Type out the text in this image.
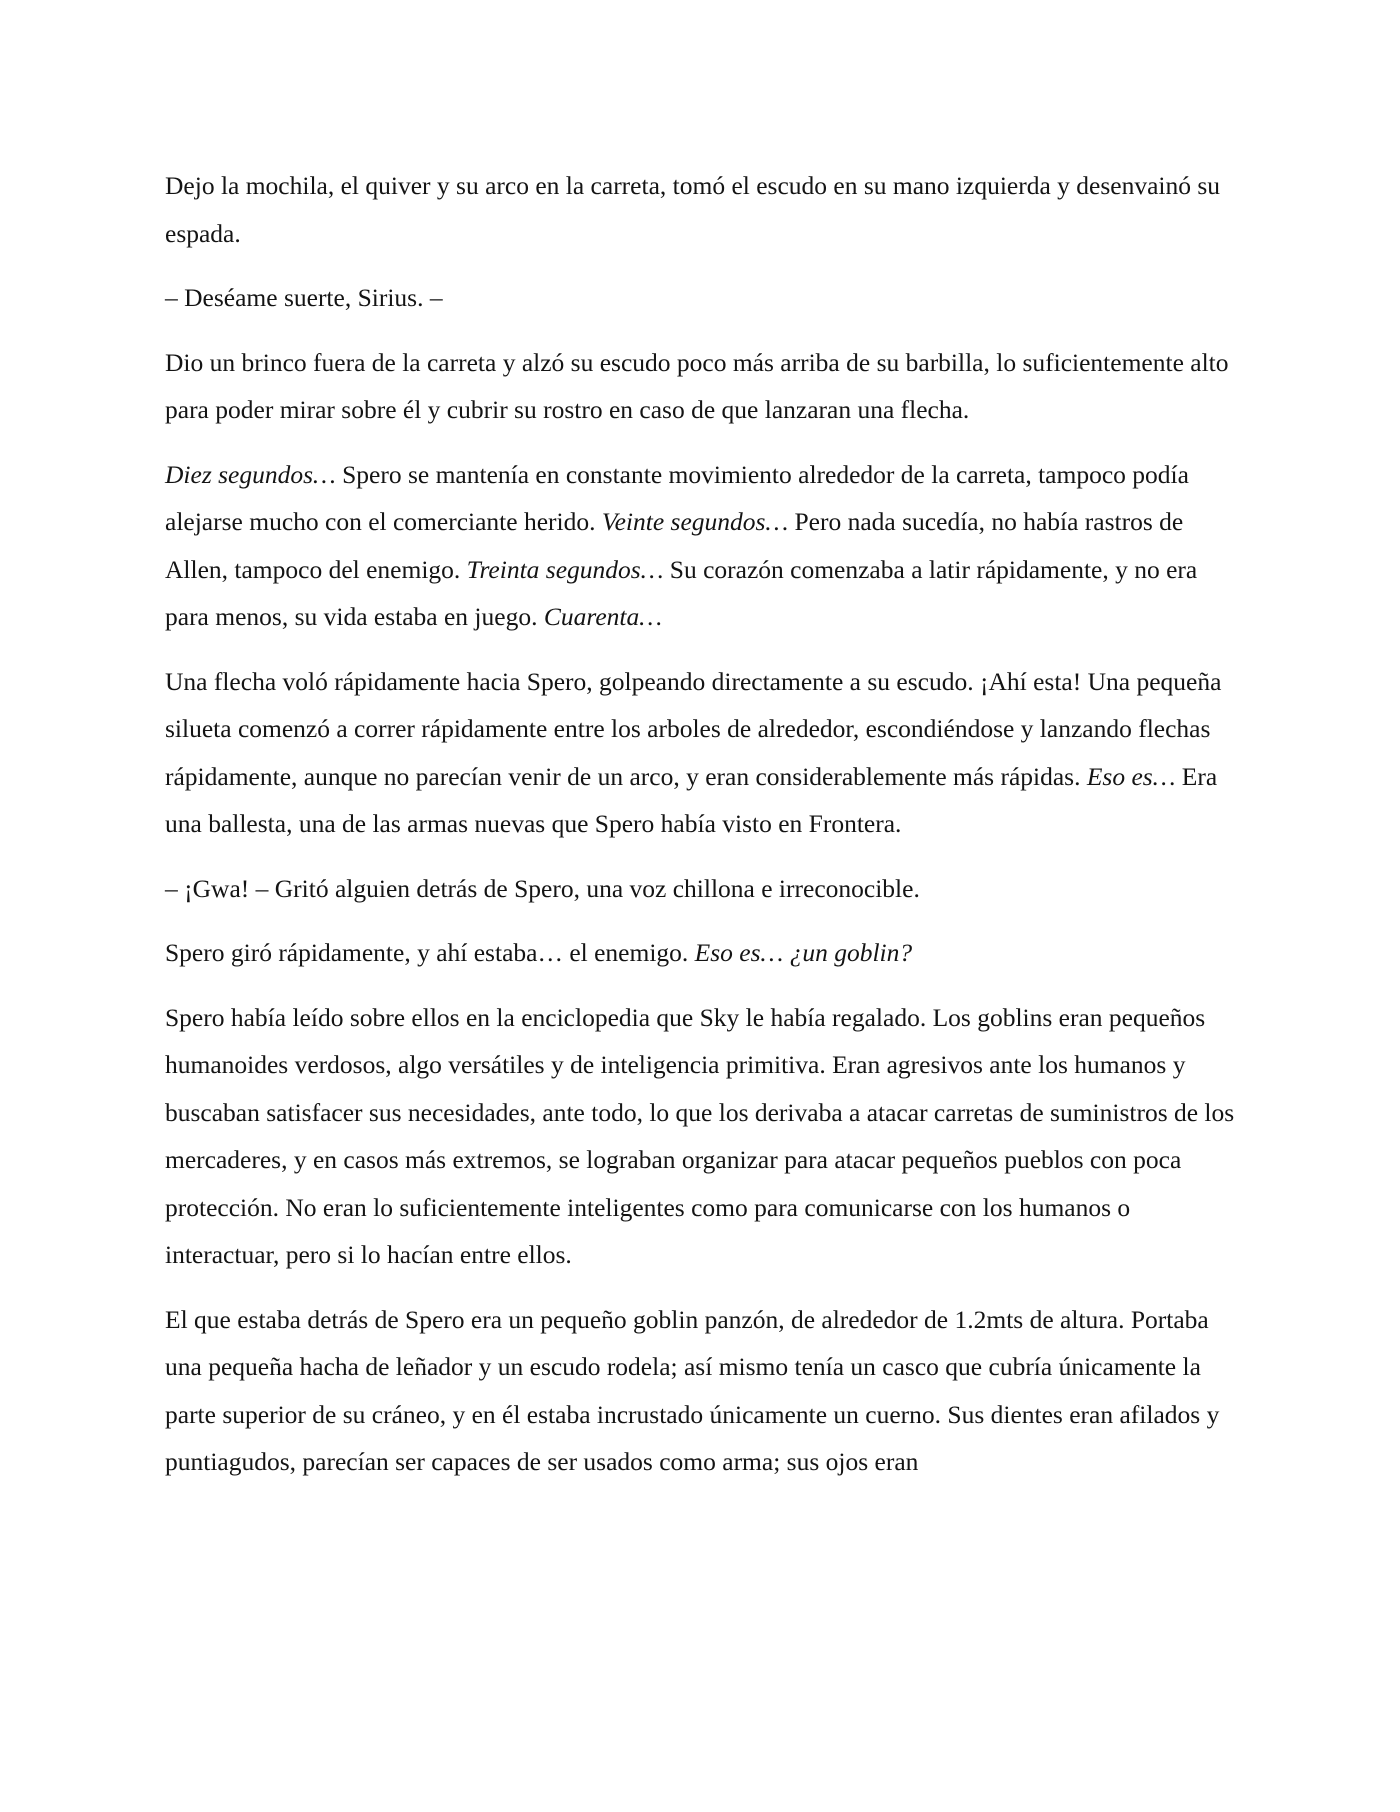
Dejo la mochila, el quiver y su arco en la carreta, tomó el escudo en su mano izquierda y desenvainó su espada.

– Deséame suerte, Sirius. –

Dio un brinco fuera de la carreta y alzó su escudo poco más arriba de su barbilla, lo suficientemente alto para poder mirar sobre él y cubrir su rostro en caso de que lanzaran una flecha.

Diez segundos… Spero se mantenía en constante movimiento alrededor de la carreta, tampoco podía alejarse mucho con el comerciante herido. Veinte segundos… Pero nada sucedía, no había rastros de Allen, tampoco del enemigo. Treinta segundos… Su corazón comenzaba a latir rápidamente, y no era para menos, su vida estaba en juego. Cuarenta…

Una flecha voló rápidamente hacia Spero, golpeando directamente a su escudo. ¡Ahí esta! Una pequeña silueta comenzó a correr rápidamente entre los arboles de alrededor, escondiéndose y lanzando flechas rápidamente, aunque no parecían venir de un arco, y eran considerablemente más rápidas. Eso es… Era una ballesta, una de las armas nuevas que Spero había visto en Frontera.

– ¡Gwa! – Gritó alguien detrás de Spero, una voz chillona e irreconocible.

Spero giró rápidamente, y ahí estaba… el enemigo. Eso es… ¿un goblin?

Spero había leído sobre ellos en la enciclopedia que Sky le había regalado. Los goblins eran pequeños humanoides verdosos, algo versátiles y de inteligencia primitiva. Eran agresivos ante los humanos y buscaban satisfacer sus necesidades, ante todo, lo que los derivaba a atacar carretas de suministros de los mercaderes, y en casos más extremos, se lograban organizar para atacar pequeños pueblos con poca protección. No eran lo suficientemente inteligentes como para comunicarse con los humanos o interactuar, pero si lo hacían entre ellos.

El que estaba detrás de Spero era un pequeño goblin panzón, de alrededor de 1.2mts de altura. Portaba una pequeña hacha de leñador y un escudo rodela; así mismo tenía un casco que cubría únicamente la parte superior de su cráneo, y en él estaba incrustado únicamente un cuerno. Sus dientes eran afilados y puntiagudos, parecían ser capaces de ser usados como arma; sus ojos eran
